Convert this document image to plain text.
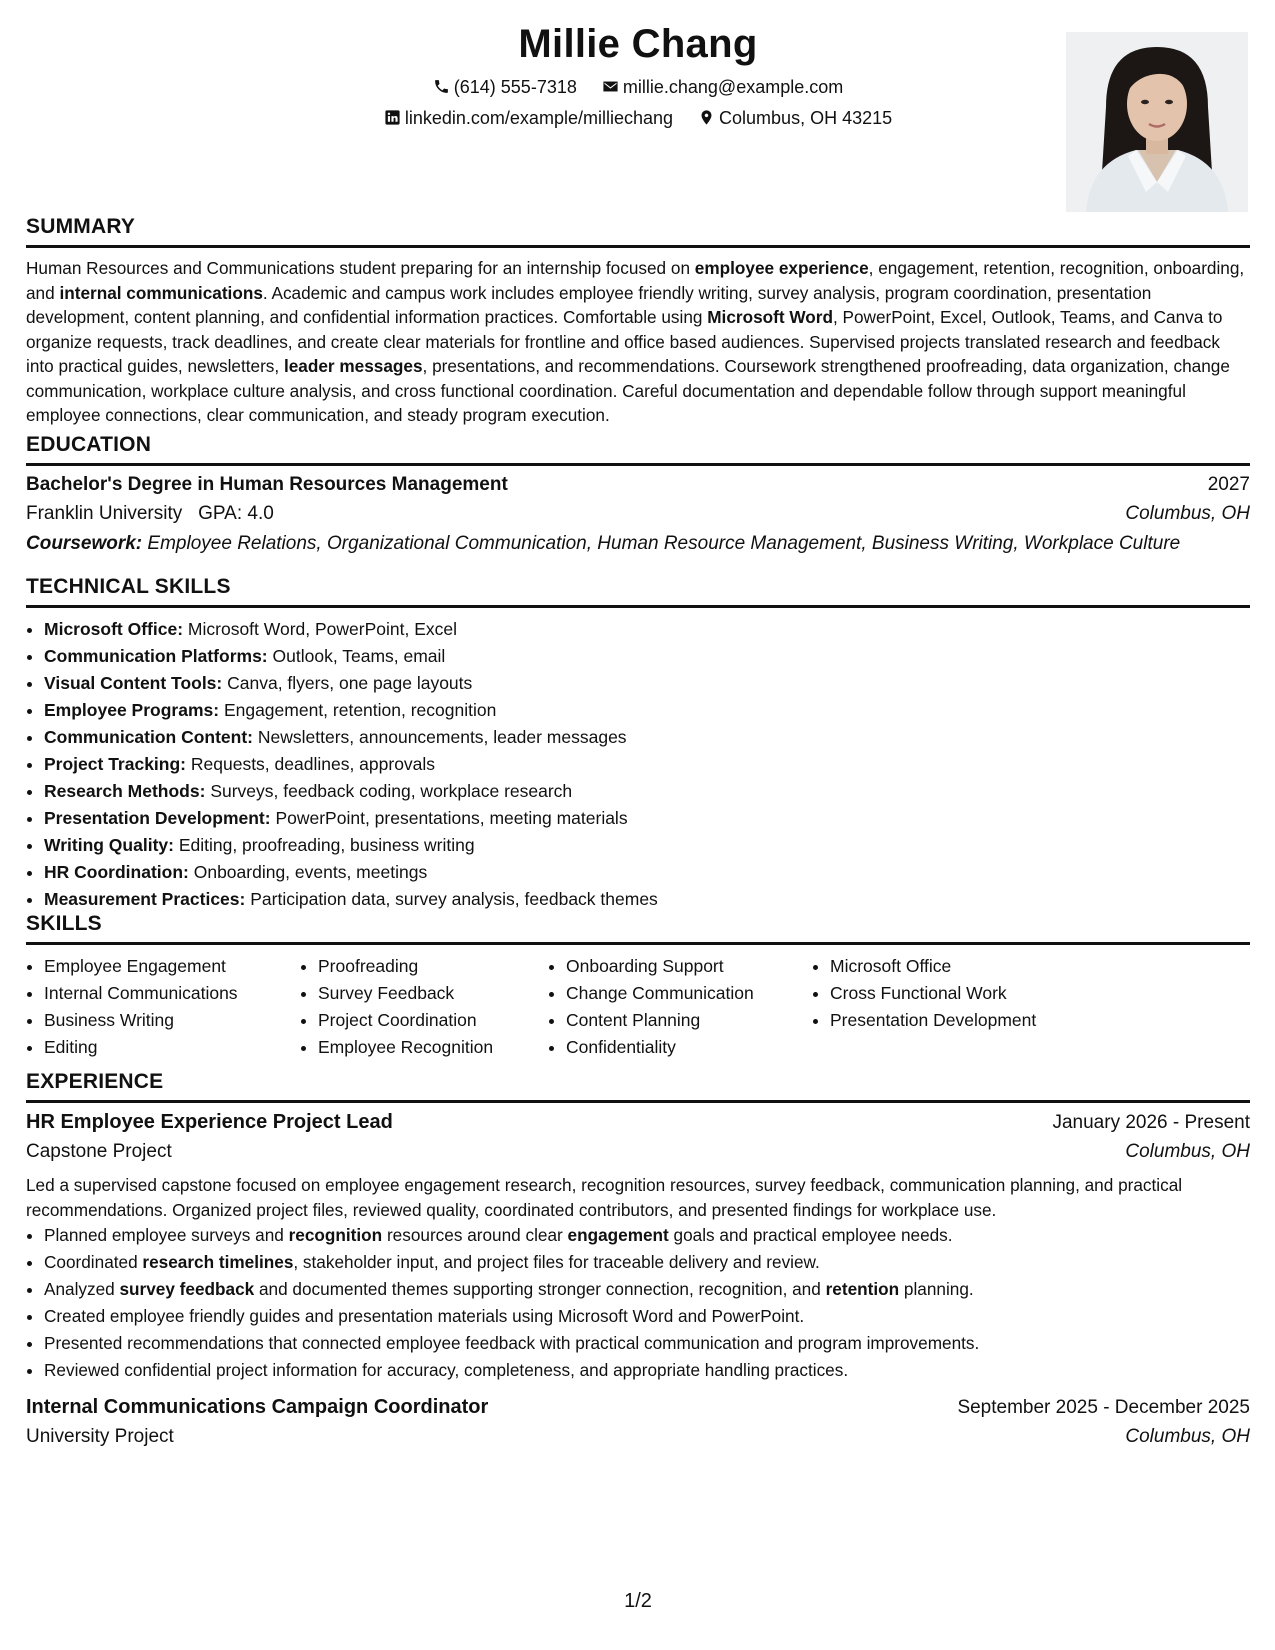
Millie Chang
(614) 555-7318	millie.chang@example.com
linkedin.com/example/milliechang	Columbus, OH 43215
SUMMARY
Human Resources and Communications student preparing for an internship focused on employee experience, engagement, retention, recognition, onboarding, and internal communications. Academic and campus work includes employee friendly writing, survey analysis, program coordination, presentation development, content planning, and confidential information practices. Comfortable using Microsoft Word, PowerPoint, Excel, Outlook, Teams, and Canva to organize requests, track deadlines, and create clear materials for frontline and office based audiences. Supervised projects translated research and feedback into practical guides, newsletters, leader messages, presentations, and recommendations. Coursework strengthened proofreading, data organization, change communication, workplace culture analysis, and cross functional coordination. Careful documentation and dependable follow through support meaningful employee connections, clear communication, and steady program execution.
EDUCATION
Bachelor's Degree in Human Resources Management	2027
Franklin University GPA: 4.0	Columbus, OH
Coursework: Employee Relations, Organizational Communication, Human Resource Management, Business Writing, Workplace Culture
TECHNICAL SKILLS
• Microsoft Office: Microsoft Word, PowerPoint, Excel
• Communication Platforms: Outlook, Teams, email
• Visual Content Tools: Canva, flyers, one page layouts
• Employee Programs: Engagement, retention, recognition
• Communication Content: Newsletters, announcements, leader messages
• Project Tracking: Requests, deadlines, approvals
• Research Methods: Surveys, feedback coding, workplace research
• Presentation Development: PowerPoint, presentations, meeting materials
• Writing Quality: Editing, proofreading, business writing
• HR Coordination: Onboarding, events, meetings
• Measurement Practices: Participation data, survey analysis, feedback themes
SKILLS
• Employee Engagement
• Internal Communications
• Business Writing
• Editing
• Proofreading
• Survey Feedback
• Project Coordination
• Employee Recognition
• Onboarding Support
• Change Communication
• Content Planning
• Confidentiality
• Microsoft Office
• Cross Functional Work
• Presentation Development
EXPERIENCE
HR Employee Experience Project Lead	January 2026 - Present
Capstone Project	Columbus, OH
Led a supervised capstone focused on employee engagement research, recognition resources, survey feedback, communication planning, and practical recommendations. Organized project files, reviewed quality, coordinated contributors, and presented findings for workplace use.
• Planned employee surveys and recognition resources around clear engagement goals and practical employee needs.
• Coordinated research timelines, stakeholder input, and project files for traceable delivery and review.
• Analyzed survey feedback and documented themes supporting stronger connection, recognition, and retention planning.
• Created employee friendly guides and presentation materials using Microsoft Word and PowerPoint.
• Presented recommendations that connected employee feedback with practical communication and program improvements.
• Reviewed confidential project information for accuracy, completeness, and appropriate handling practices.
Internal Communications Campaign Coordinator	September 2025 - December 2025
University Project	Columbus, OH
1/2
